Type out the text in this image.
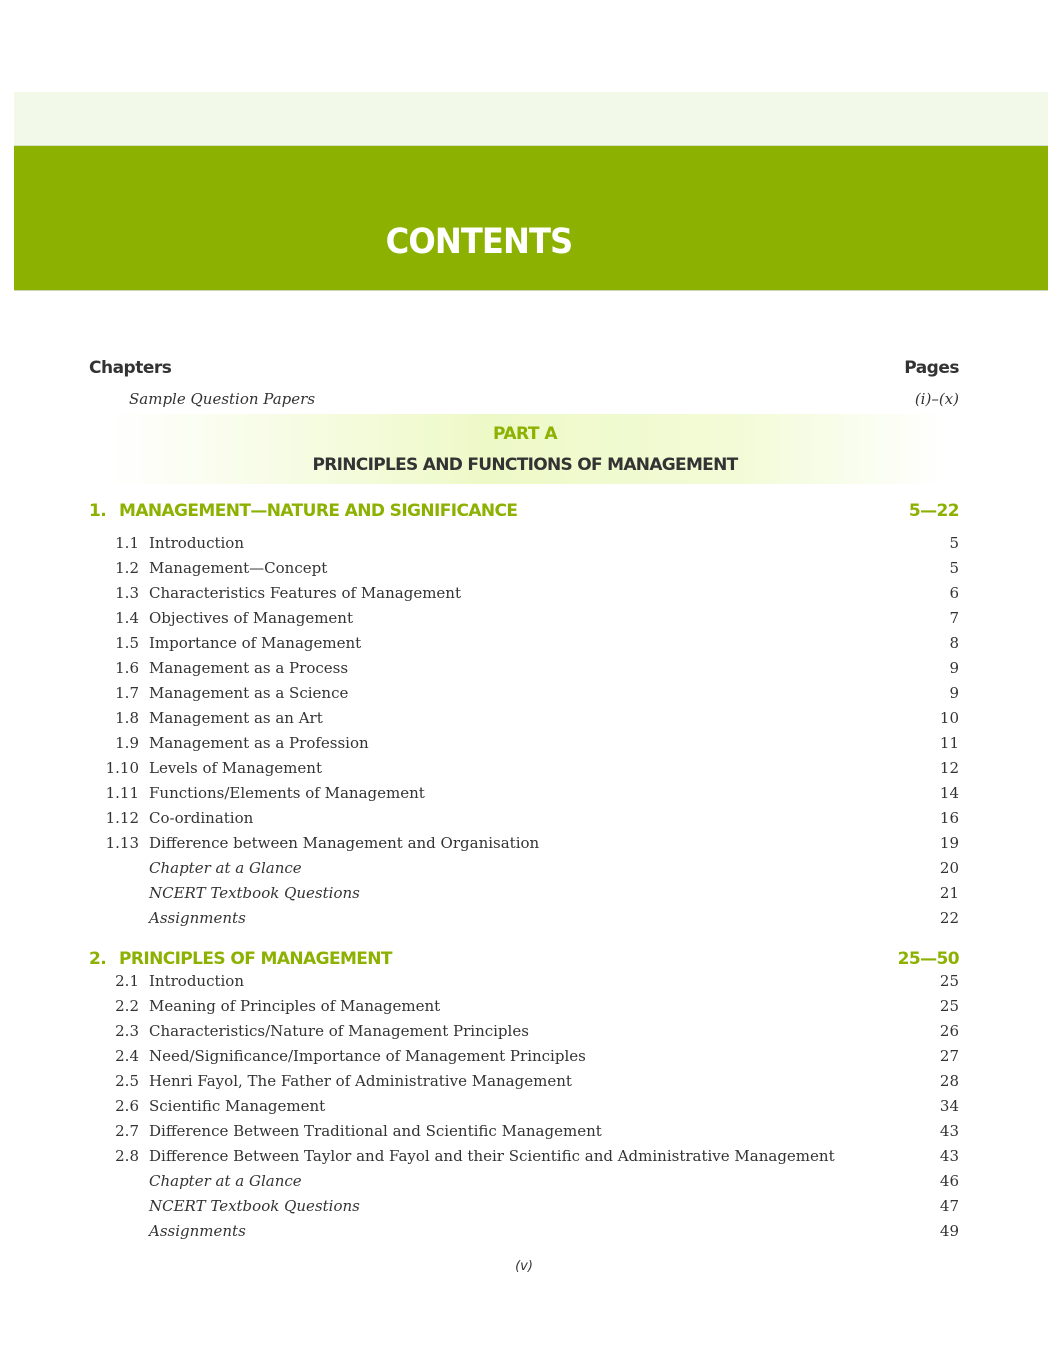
CONTENTS
Chapters	Pages
Sample Question Papers	(i)–(x)
PART A
PRINCIPLES AND FUNCTIONS OF MANAGEMENT
1. MANAGEMENT—NATURE AND SIGNIFICANCE	5—22
1.1 Introduction	5
1.2 Management—Concept	5
1.3 Characteristics Features of Management	6
1.4 Objectives of Management	7
1.5 Importance of Management	8
1.6 Management as a Process	9
1.7 Management as a Science	9
1.8 Management as an Art	10
1.9 Management as a Profession	11
1.10 Levels of Management	12
1.11 Functions/Elements of Management	14
1.12 Co-ordination	16
1.13 Difference between Management and Organisation	19
Chapter at a Glance	20
NCERT Textbook Questions	21
Assignments	22
2. PRINCIPLES OF MANAGEMENT	25—50
2.1 Introduction	25
2.2 Meaning of Principles of Management	25
2.3 Characteristics/Nature of Management Principles	26
2.4 Need/Significance/Importance of Management Principles	27
2.5 Henri Fayol, The Father of Administrative Management	28
2.6 Scientific Management	34
2.7 Difference Between Traditional and Scientific Management	43
2.8 Difference Between Taylor and Fayol and their Scientific and Administrative Management	43
Chapter at a Glance	46
NCERT Textbook Questions	47
Assignments	49
(v)
